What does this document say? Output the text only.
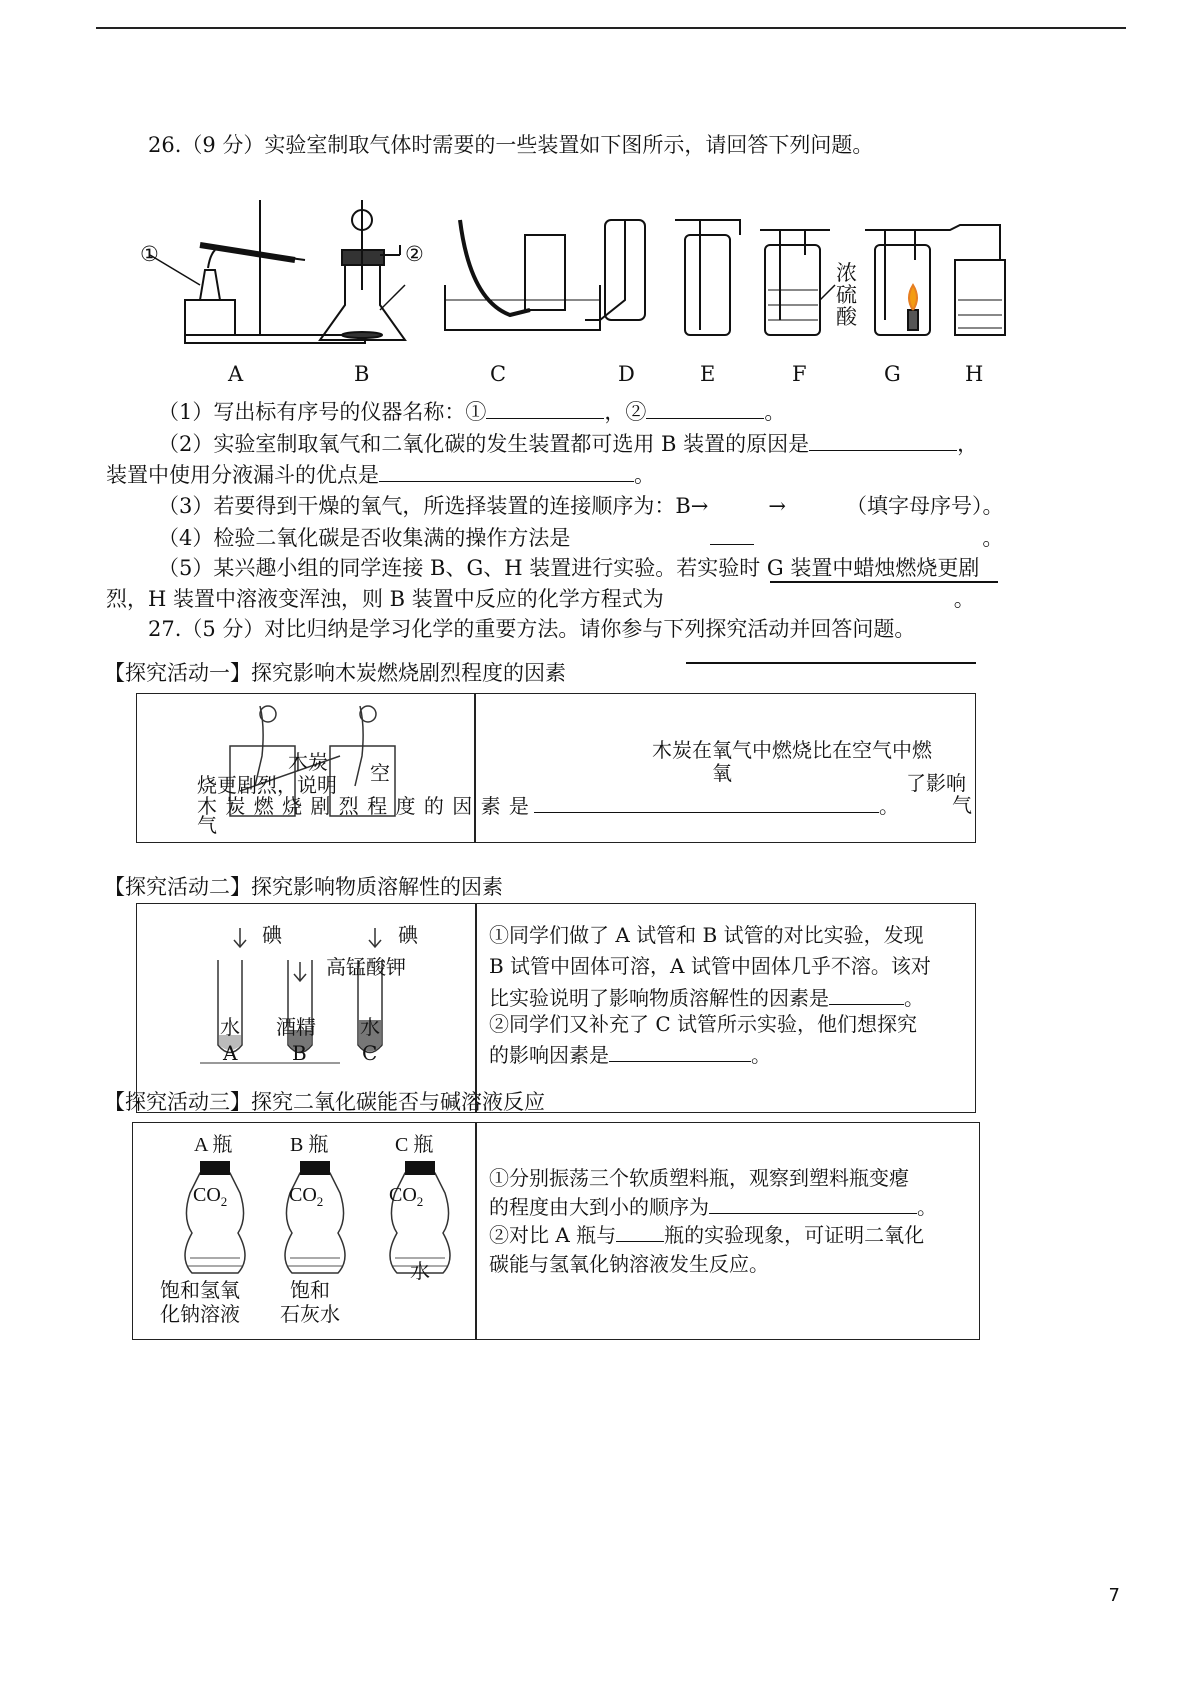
26.（9 分）实验室制取气体时需要的一些装置如下图所示，请回答下列问题。
①	②
浓
硫
酸
A	B	C	D	E	F	G	H
（1）写出标有序号的仪器名称：①	，②	。
（2）实验室制取氧气和二氧化碳的发生装置都可选用 B 装置的原因是	，
装置中使用分液漏斗的优点是	。
（3）若要得到干燥的氧气，所选择装置的连接顺序为：B→	→	（填字母序号）。
（4）检验二氧化碳是否收集满的操作方法是	。
（5）某兴趣小组的同学连接 B、G、H 装置进行实验。若实验时 G 装置中蜡烛燃烧更剧
烈，H 装置中溶液变浑浊，则 B 装置中反应的化学方程式为	。
27.（5 分）对比归纳是学习化学的重要方法。请你参与下列探究活动并回答问题。
【探究活动一】探究影响木炭燃烧剧烈程度的因素
木炭在氧气中燃烧比在空气中燃
氧	了影响
气
木炭 空
烧更剧烈，说明
木 炭 燃 烧 剧 烈 程 度 的 因 素 是	。
气
【探究活动二】探究影响物质溶解性的因素
碘	碘
高锰酸钾
水 酒精 水
A	B	C
①同学们做了 A 试管和 B 试管的对比实验，发现
B 试管中固体可溶，A 试管中固体几乎不溶。该对
比实验说明了影响物质溶解性的因素是	。
②同学们又补充了 C 试管所示实验，他们想探究
的影响因素是	。
【探究活动三】探究二氧化碳能否与碱溶液反应
A 瓶	B 瓶	C 瓶
$CO_2$	$CO_2$	$CO_2$
饱和氢氧
化钠溶液
饱和
石灰水
水
①分别振荡三个软质塑料瓶，观察到塑料瓶变瘪
的程度由大到小的顺序为	。
②对比 A 瓶与 瓶的实验现象，可证明二氧化
碳能与氢氧化钠溶液发生反应。
7
